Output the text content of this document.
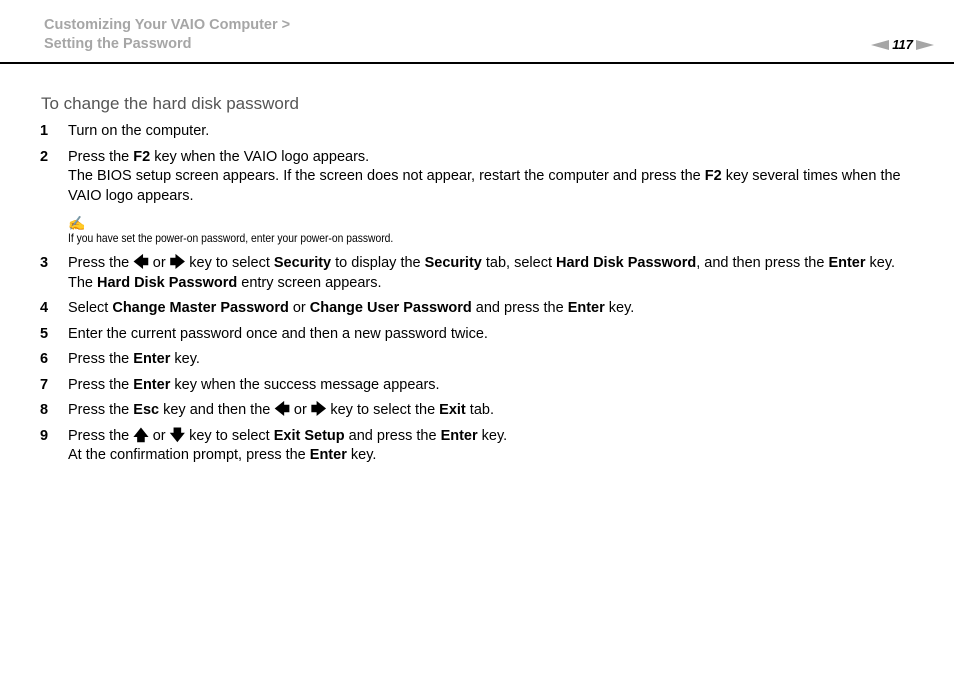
Customizing Your VAIO Computer >
Setting the Password	117
To change the hard disk password
1	Turn on the computer.
2	Press the F2 key when the VAIO logo appears.
The BIOS setup screen appears. If the screen does not appear, restart the computer and press the F2 key several times when the VAIO logo appears.
✍
If you have set the power-on password, enter your power-on password.
3	Press the 🡄 or 🡆 key to select Security to display the Security tab, select Hard Disk Password, and then press the Enter key.
The Hard Disk Password entry screen appears.
4	Select Change Master Password or Change User Password and press the Enter key.
5	Enter the current password once and then a new password twice.
6	Press the Enter key.
7	Press the Enter key when the success message appears.
8	Press the Esc key and then the 🡄 or 🡆 key to select the Exit tab.
9	Press the 🡅 or 🡇 key to select Exit Setup and press the Enter key.
At the confirmation prompt, press the Enter key.
